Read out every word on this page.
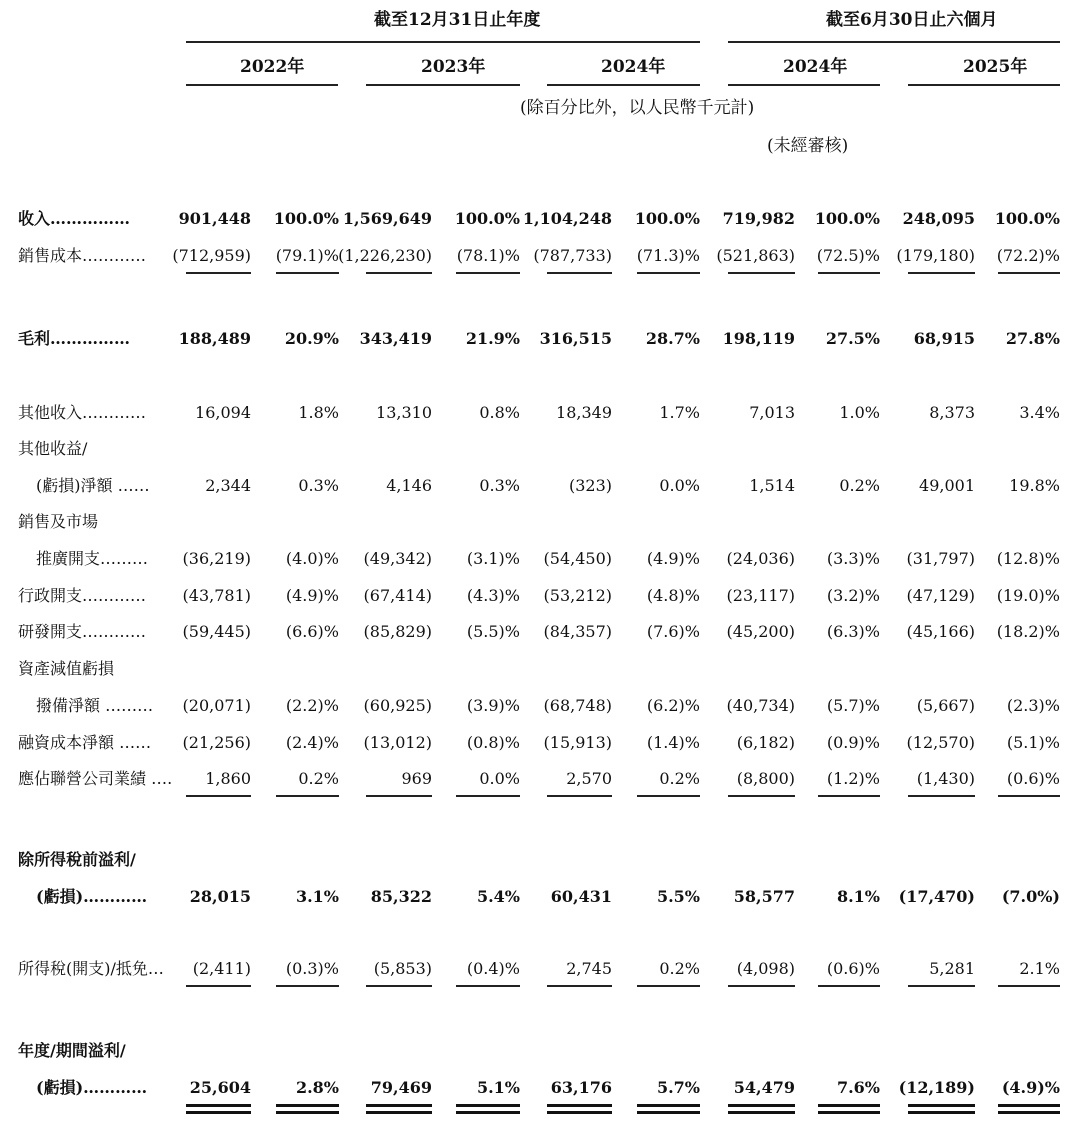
截至12月31日止年度	截至6月30日止六個月
2022年	2023年	2024年	2024年	2025年
(除百分比外，以人民幣千元計)
(未經審核)
收入……………	901,448 100.0% 1,569,649 100.0% 1,104,248 100.0% 719,982 100.0% 248,095 100.0%
銷售成本………… (712,959) (79.1)% (1,226,230) (78.1)% (787,733) (71.3)% (521,863) (72.5)% (179,180) (72.2)%
毛利……………	188,489 20.9% 343,419 21.9% 316,515 28.7% 198,119 27.5% 68,915 27.8%
其他收入…………	16,094	1.8% 13,310	0.8% 18,349	1.7%	7,013	1.0%	8,373	3.4%
其他收益/
(虧損)淨額 ……	2,344	0.3%	4,146	0.3%	(323)	0.0%	1,514	0.2% 49,001 19.8%
銷售及市場
推廣開支……… (36,219) (4.0)% (49,342) (3.1)% (54,450) (4.9)% (24,036) (3.3)% (31,797) (12.8)%
行政開支………… (43,781) (4.9)% (67,414) (4.3)% (53,212) (4.8)% (23,117) (3.2)% (47,129) (19.0)%
研發開支………… (59,445) (6.6)% (85,829) (5.5)% (84,357) (7.6)% (45,200) (6.3)% (45,166) (18.2)%
資產減值虧損
撥備淨額 ……… (20,071) (2.2)% (60,925) (3.9)% (68,748) (6.2)% (40,734) (5.7)% (5,667) (2.3)%
融資成本淨額 …… (21,256) (2.4)% (13,012) (0.8)% (15,913) (1.4)% (6,182) (0.9)% (12,570) (5.1)%
應佔聯營公司業績 …. 1,860	0.2%	969	0.0%	2,570	0.2% (8,800) (1.2)% (1,430) (0.6)%
除所得稅前溢利/
(虧損)…………	28,015	3.1% 85,322	5.4% 60,431	5.5% 58,577	8.1% (17,470) (7.0%)
所得稅(開支)/抵免… (2,411) (0.3)% (5,853) (0.4)%	2,745	0.2% (4,098) (0.6)%	5,281	2.1%
年度/期間溢利/
(虧損)…………	25,604	2.8% 79,469	5.1% 63,176	5.7% 54,479	7.6% (12,189) (4.9)%
